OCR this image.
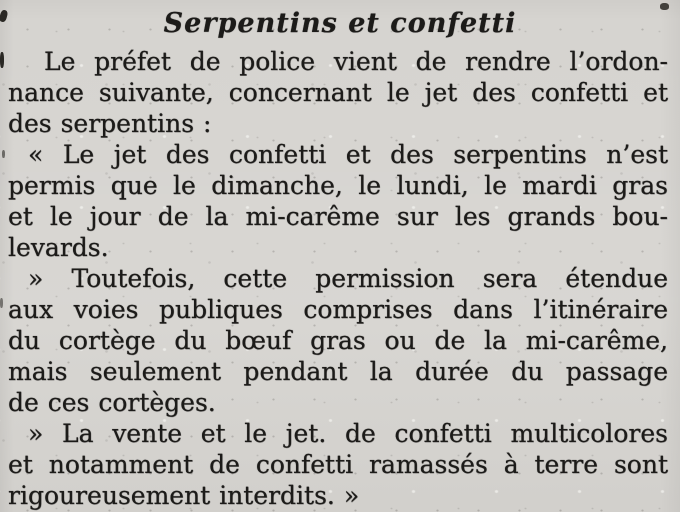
Serpentins et confetti
Le préfet de police vient de rendre l’ordon-
nance suivante, concernant le jet des confetti et
des serpentins :
« Le jet des confetti et des serpentins n’est
permis que le dimanche, le lundi, le mardi gras
et le jour de la mi-carême sur les grands bou-
levards.
» Toutefois, cette permission sera étendue
aux voies publiques comprises dans l’itinéraire
du cortège du bœuf gras ou de la mi-carême,
mais seulement pendant la durée du passage
de ces cortèges.
» La vente et le jet. de confetti multicolores
et notamment de confetti ramassés à terre sont
rigoureusement interdits. »
